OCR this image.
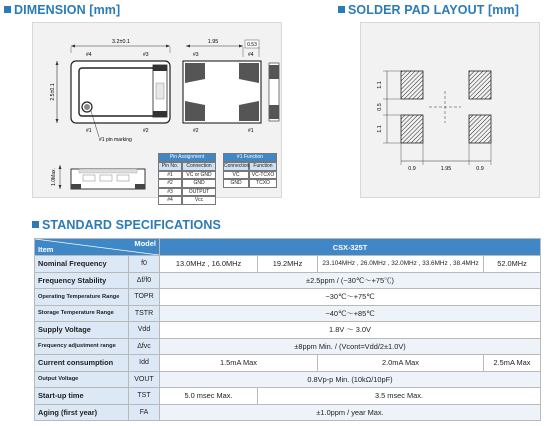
DIMENSION [mm]	SOLDER PAD LAYOUT [mm]
3.2±0.1
#4	#3
2.5±0.1
#1	#2
#1 pin marking
1.95	0.53
#3	#4
#2	#1
1.0Max.
Pin Assignment
Pin No.	Connection
#1	VC or GND
#2	GND
#3	OUTPUT
#4	Vcc
#1 Function
Connection Function
VC	VC-TCXO
GND	TCXO
1.1
0.5
1.1
0.9	1.95	0.9
STANDARD SPECIFICATIONS
Model
Item		CSX-325T			
Nominal Frequency	f0	13.0MHz , 16.0MHz	19.2MHz	23.104MHz , 26.0MHz , 32.0MHz , 33.6MHz , 38.4MHz	52.0MHz
Frequency Stability	Δf/f0	±2.5ppm / (−30℃〜+75℃)			
Operating Temperature Range	TOPR	−30℃〜+75℃			
Storage Temperature Range	TSTR	−40℃〜+85℃			
Supply Voltage	Vdd	1.8V 〜 3.0V			
Frequency adjustment range	Δfvc	±8ppm Min. / (Vcont=Vdd/2±1.0V)			
Current consumption	Idd	1.5mA Max		2.0mA Max	2.5mA Max
Output Voltage	VOUT	0.8Vp-p Min. (10kΩ/10pF)			
Start-up time	TST	5.0 msec Max.	3.5 msec Max.		
Aging (first year)	FA	±1.0ppm / year Max.			
